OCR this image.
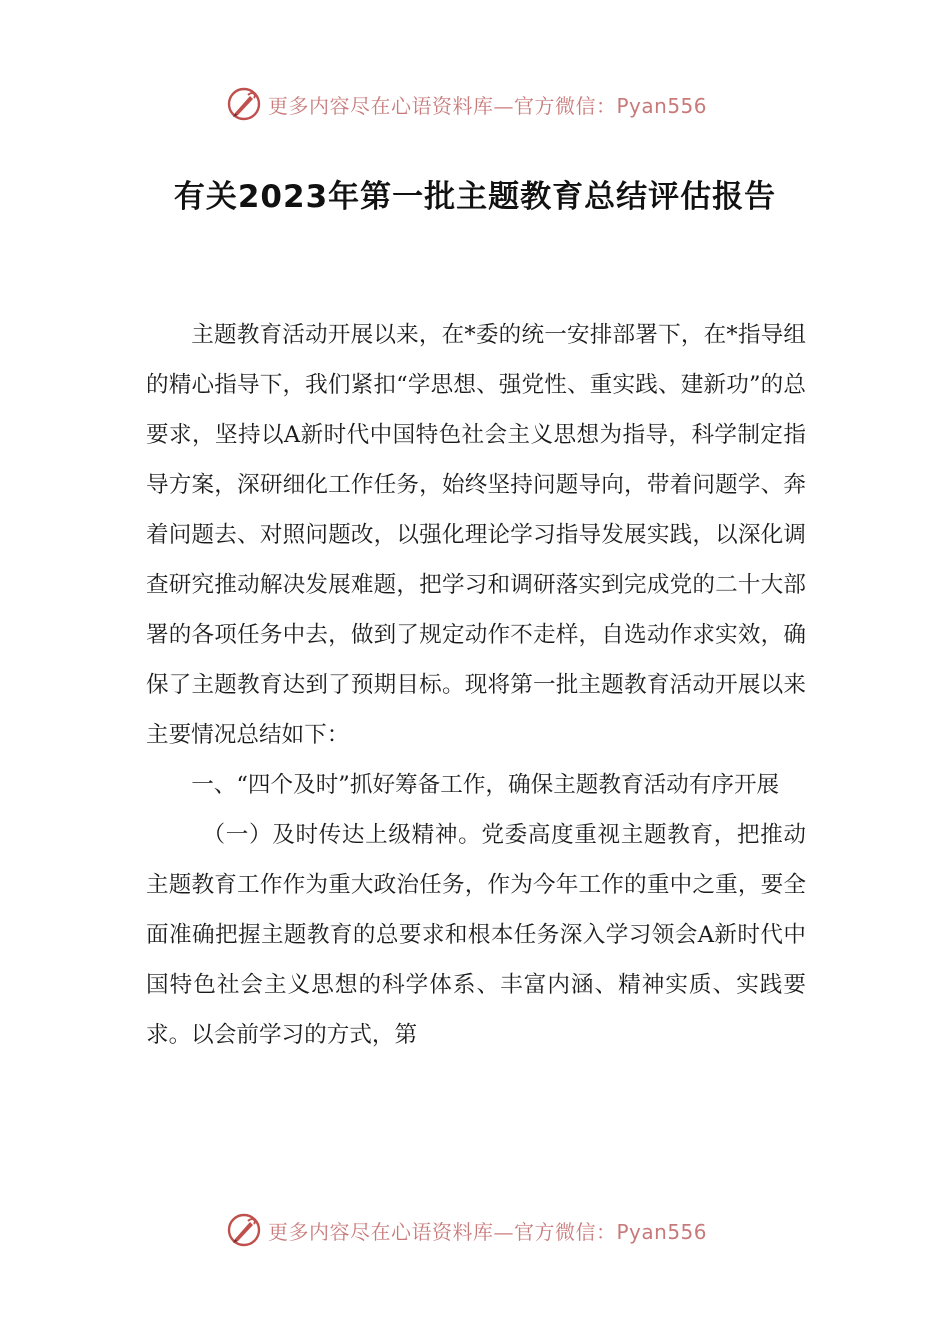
更多内容尽在心语资料库—官方微信：Pyan556
有关2023年第一批主题教育总结评估报告

主题教育活动开展以来，在*委的统一安排部署下，在*指导组的精心指导下，我们紧扣“学思想、强党性、重实践、建新功”的总要求，坚持以A新时代中国特色社会主义思想为指导，科学制定指导方案，深研细化工作任务，始终坚持问题导向，带着问题学、奔着问题去、对照问题改，以强化理论学习指导发展实践，以深化调查研究推动解决发展难题，把学习和调研落实到完成党的二十大部署的各项任务中去，做到了规定动作不走样，自选动作求实效，确保了主题教育达到了预期目标。现将第一批主题教育活动开展以来主要情况总结如下：

一、“四个及时”抓好筹备工作，确保主题教育活动有序开展

（一）及时传达上级精神。党委高度重视主题教育，把推动主题教育工作作为重大政治任务，作为今年工作的重中之重，要全面准确把握主题教育的总要求和根本任务深入学习领会A新时代中国特色社会主义思想的科学体系、丰富内涵、精神实质、实践要求。以会前学习的方式，第

更多内容尽在心语资料库—官方微信：Pyan556
